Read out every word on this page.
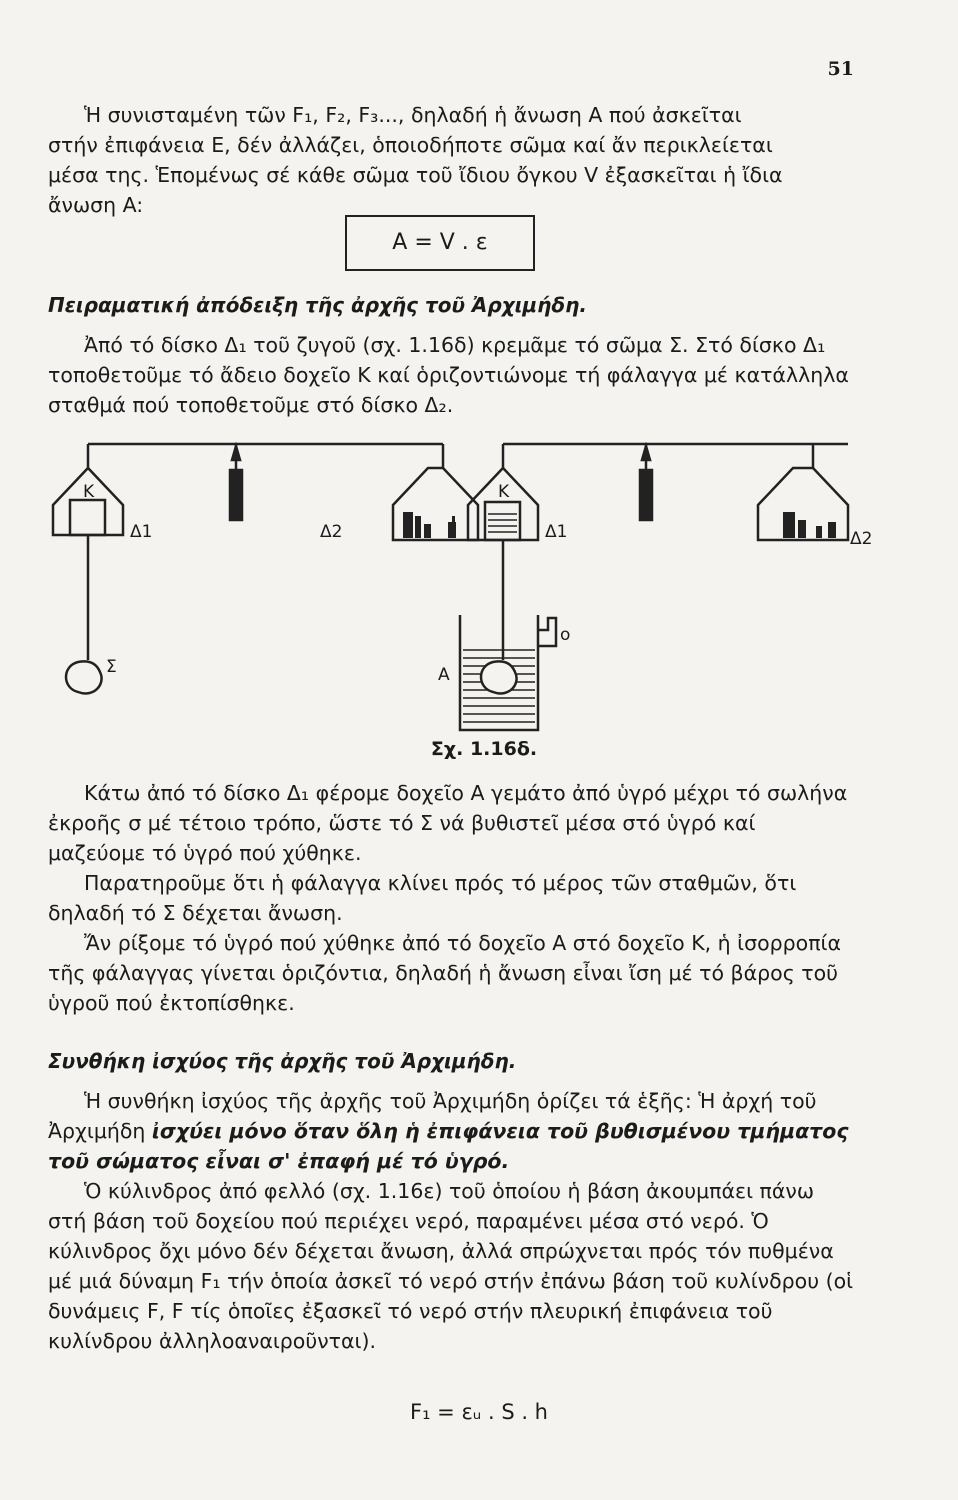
51

Ἡ συνισταμένη τῶν F₁, F₂, F₃..., δηλαδή ἡ ἄνωση A πού ἀσκεῖται

στήν ἐπιφάνεια Ε, δέν ἀλλάζει, ὁποιοδήποτε σῶμα καί ἄν περικλείεται

μέσα της. Ἑπομένως σέ κάθε σῶμα τοῦ ἴδιου ὄγκου V ἐξασκεῖται ἡ ἴδια

ἄνωση A:

A = V . ε

Πειραματική ἀπόδειξη τῆς ἀρχῆς τοῦ Ἀρχιμήδη.

Ἀπό τό δίσκο Δ₁ τοῦ ζυγοῦ (σχ. 1.16δ) κρεμᾶμε τό σῶμα Σ. Στό δίσκο Δ₁ τοποθετοῦμε τό ἄδειο δοχεῖο Κ καί ὁριζοντιώνομε τή φάλαγγα μέ κατάλληλα σταθμά πού τοποθετοῦμε στό δίσκο Δ₂.

K
Δ1	Δ2
Σ
K
Δ1
A
o
Δ2
Σχ. 1.16δ.

Κάτω ἀπό τό δίσκο Δ₁ φέρομε δοχεῖο A γεμάτο ἀπό ὑγρό μέχρι τό σωλήνα ἐκροῆς σ μέ τέτοιο τρόπο, ὥστε τό Σ νά βυθιστεῖ μέσα στό ὑγρό καί μαζεύομε τό ὑγρό πού χύθηκε.

Παρατηροῦμε ὅτι ἡ φάλαγγα κλίνει πρός τό μέρος τῶν σταθμῶν, ὅτι δηλαδή τό Σ δέχεται ἄνωση.

Ἄν ρίξομε τό ὑγρό πού χύθηκε ἀπό τό δοχεῖο A στό δοχεῖο Κ, ἡ ἰσορροπία τῆς φάλαγγας γίνεται ὁριζόντια, δηλαδή ἡ ἄνωση εἶναι ἴση μέ τό βάρος τοῦ ὑγροῦ πού ἐκτοπίσθηκε.

Συνθήκη ἰσχύος τῆς ἀρχῆς τοῦ Ἀρχιμήδη.

Ἡ συνθήκη ἰσχύος τῆς ἀρχῆς τοῦ Ἀρχιμήδη ὁρίζει τά ἑξῆς: Ἡ ἀρχή τοῦ Ἀρχιμήδη ἰσχύει μόνο ὅταν ὅλη ἡ ἐπιφάνεια τοῦ βυθισμένου τμήματος τοῦ σώματος εἶναι σ' ἐπαφή μέ τό ὑγρό.

Ὁ κύλινδρος ἀπό φελλό (σχ. 1.16ε) τοῦ ὁποίου ἡ βάση ἀκουμπάει πάνω στή βάση τοῦ δοχείου πού περιέχει νερό, παραμένει μέσα στό νερό. Ὁ κύλινδρος ὄχι μόνο δέν δέχεται ἄνωση, ἀλλά σπρώχνεται πρός τόν πυθμένα μέ μιά δύναμη F₁ τήν ὁποία ἀσκεῖ τό νερό στήν ἐπάνω βάση τοῦ κυλίνδρου (οἱ δυνάμεις F, F τίς ὁποῖες ἐξασκεῖ τό νερό στήν πλευρική ἐπιφάνεια τοῦ κυλίνδρου ἀλληλοαναιροῦνται).

F₁ = εᵤ . S . h
